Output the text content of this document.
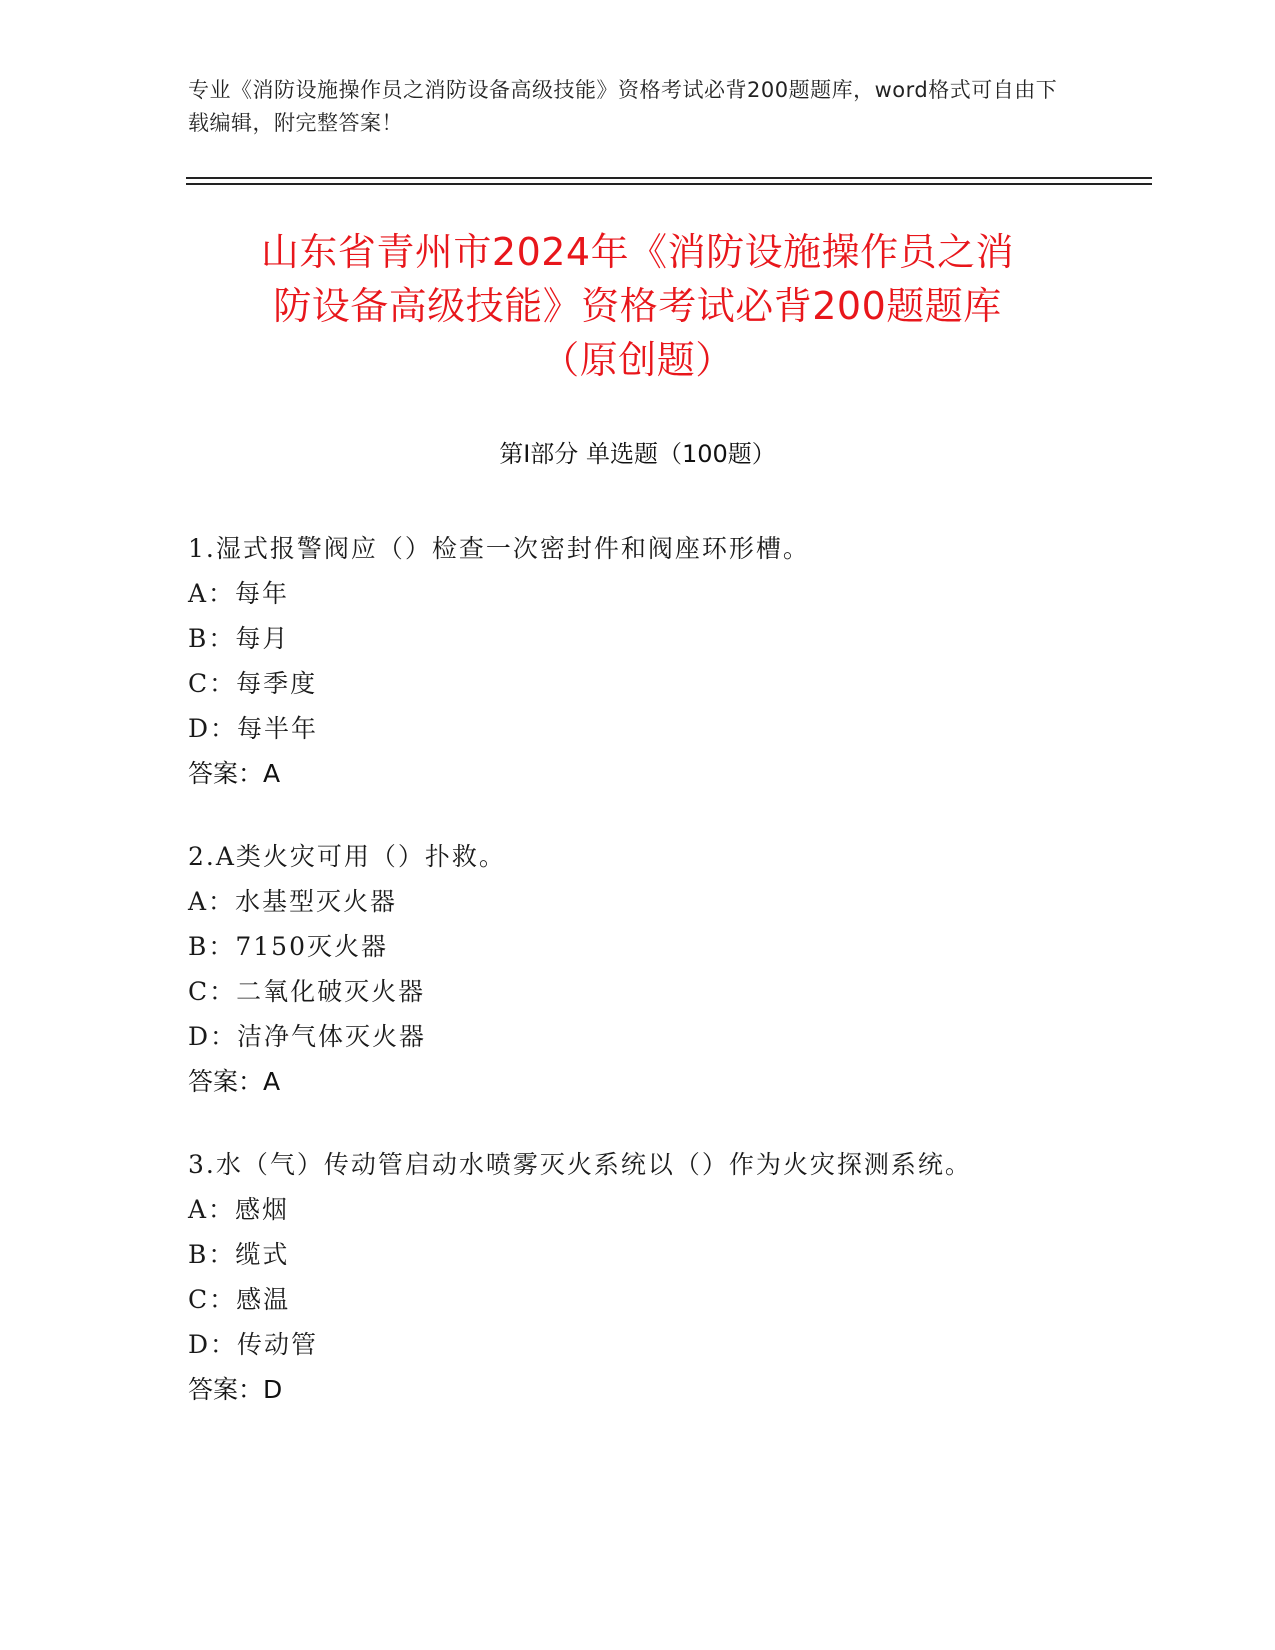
专业《消防设施操作员之消防设备高级技能》资格考试必背200题题库，word格式可自由下载编辑，附完整答案！
山东省青州市2024年《消防设施操作员之消
防设备高级技能》资格考试必背200题题库
（原创题）
第Ⅰ部分 单选题（100题）
1.湿式报警阀应（）检查一次密封件和阀座环形槽。
A：每年
B：每月
C：每季度
D：每半年
答案：A
2.A类火灾可用（）扑救。
A：水基型灭火器
B：7150灭火器
C：二氧化破灭火器
D：洁净气体灭火器
答案：A
3.水（气）传动管启动水喷雾灭火系统以（）作为火灾探测系统。
A：感烟
B：缆式
C：感温
D：传动管
答案：D
